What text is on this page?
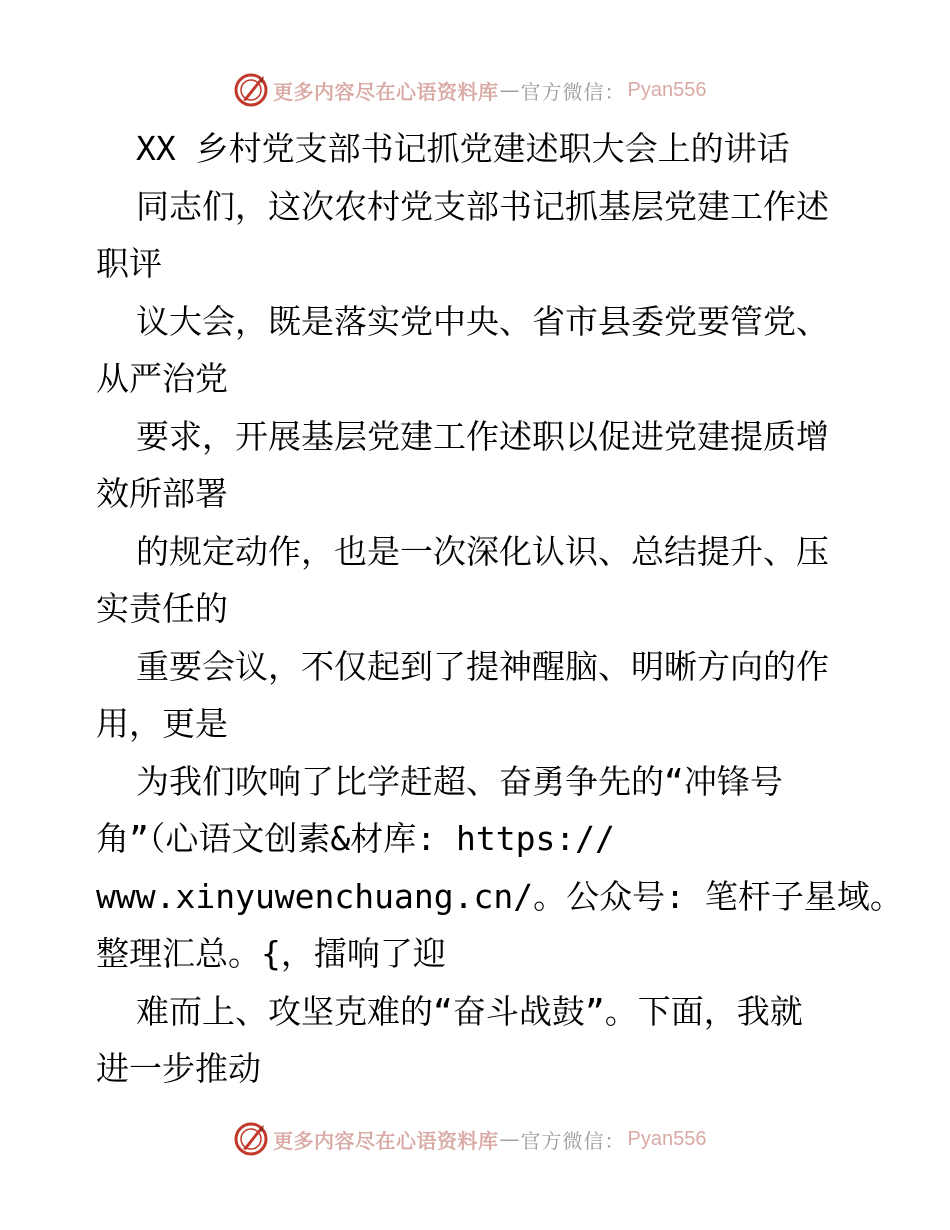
更多内容尽在心语资料库 — 官方微信： Pyan556
XX 乡村党支部书记抓党建述职大会上的讲话
同志们，这次农村党支部书记抓基层党建工作述
职评
议大会，既是落实党中央、省市县委党要管党、
从严治党
要求，开展基层党建工作述职以促进党建提质增
效所部署
的规定动作，也是一次深化认识、总结提升、压
实责任的
重要会议，不仅起到了提神醒脑、明晰方向的作
用，更是
为我们吹响了比学赶超、奋勇争先的“冲锋号
角”（心语文创素&材库: https://
www.xinyuwenchuang.cn/。公众号: 笔杆子星域。
整理汇总。{，擂响了迎
难而上、攻坚克难的“奋斗战鼓”。下面，我就
进一步推动
更多内容尽在心语资料库 — 官方微信： Pyan556
